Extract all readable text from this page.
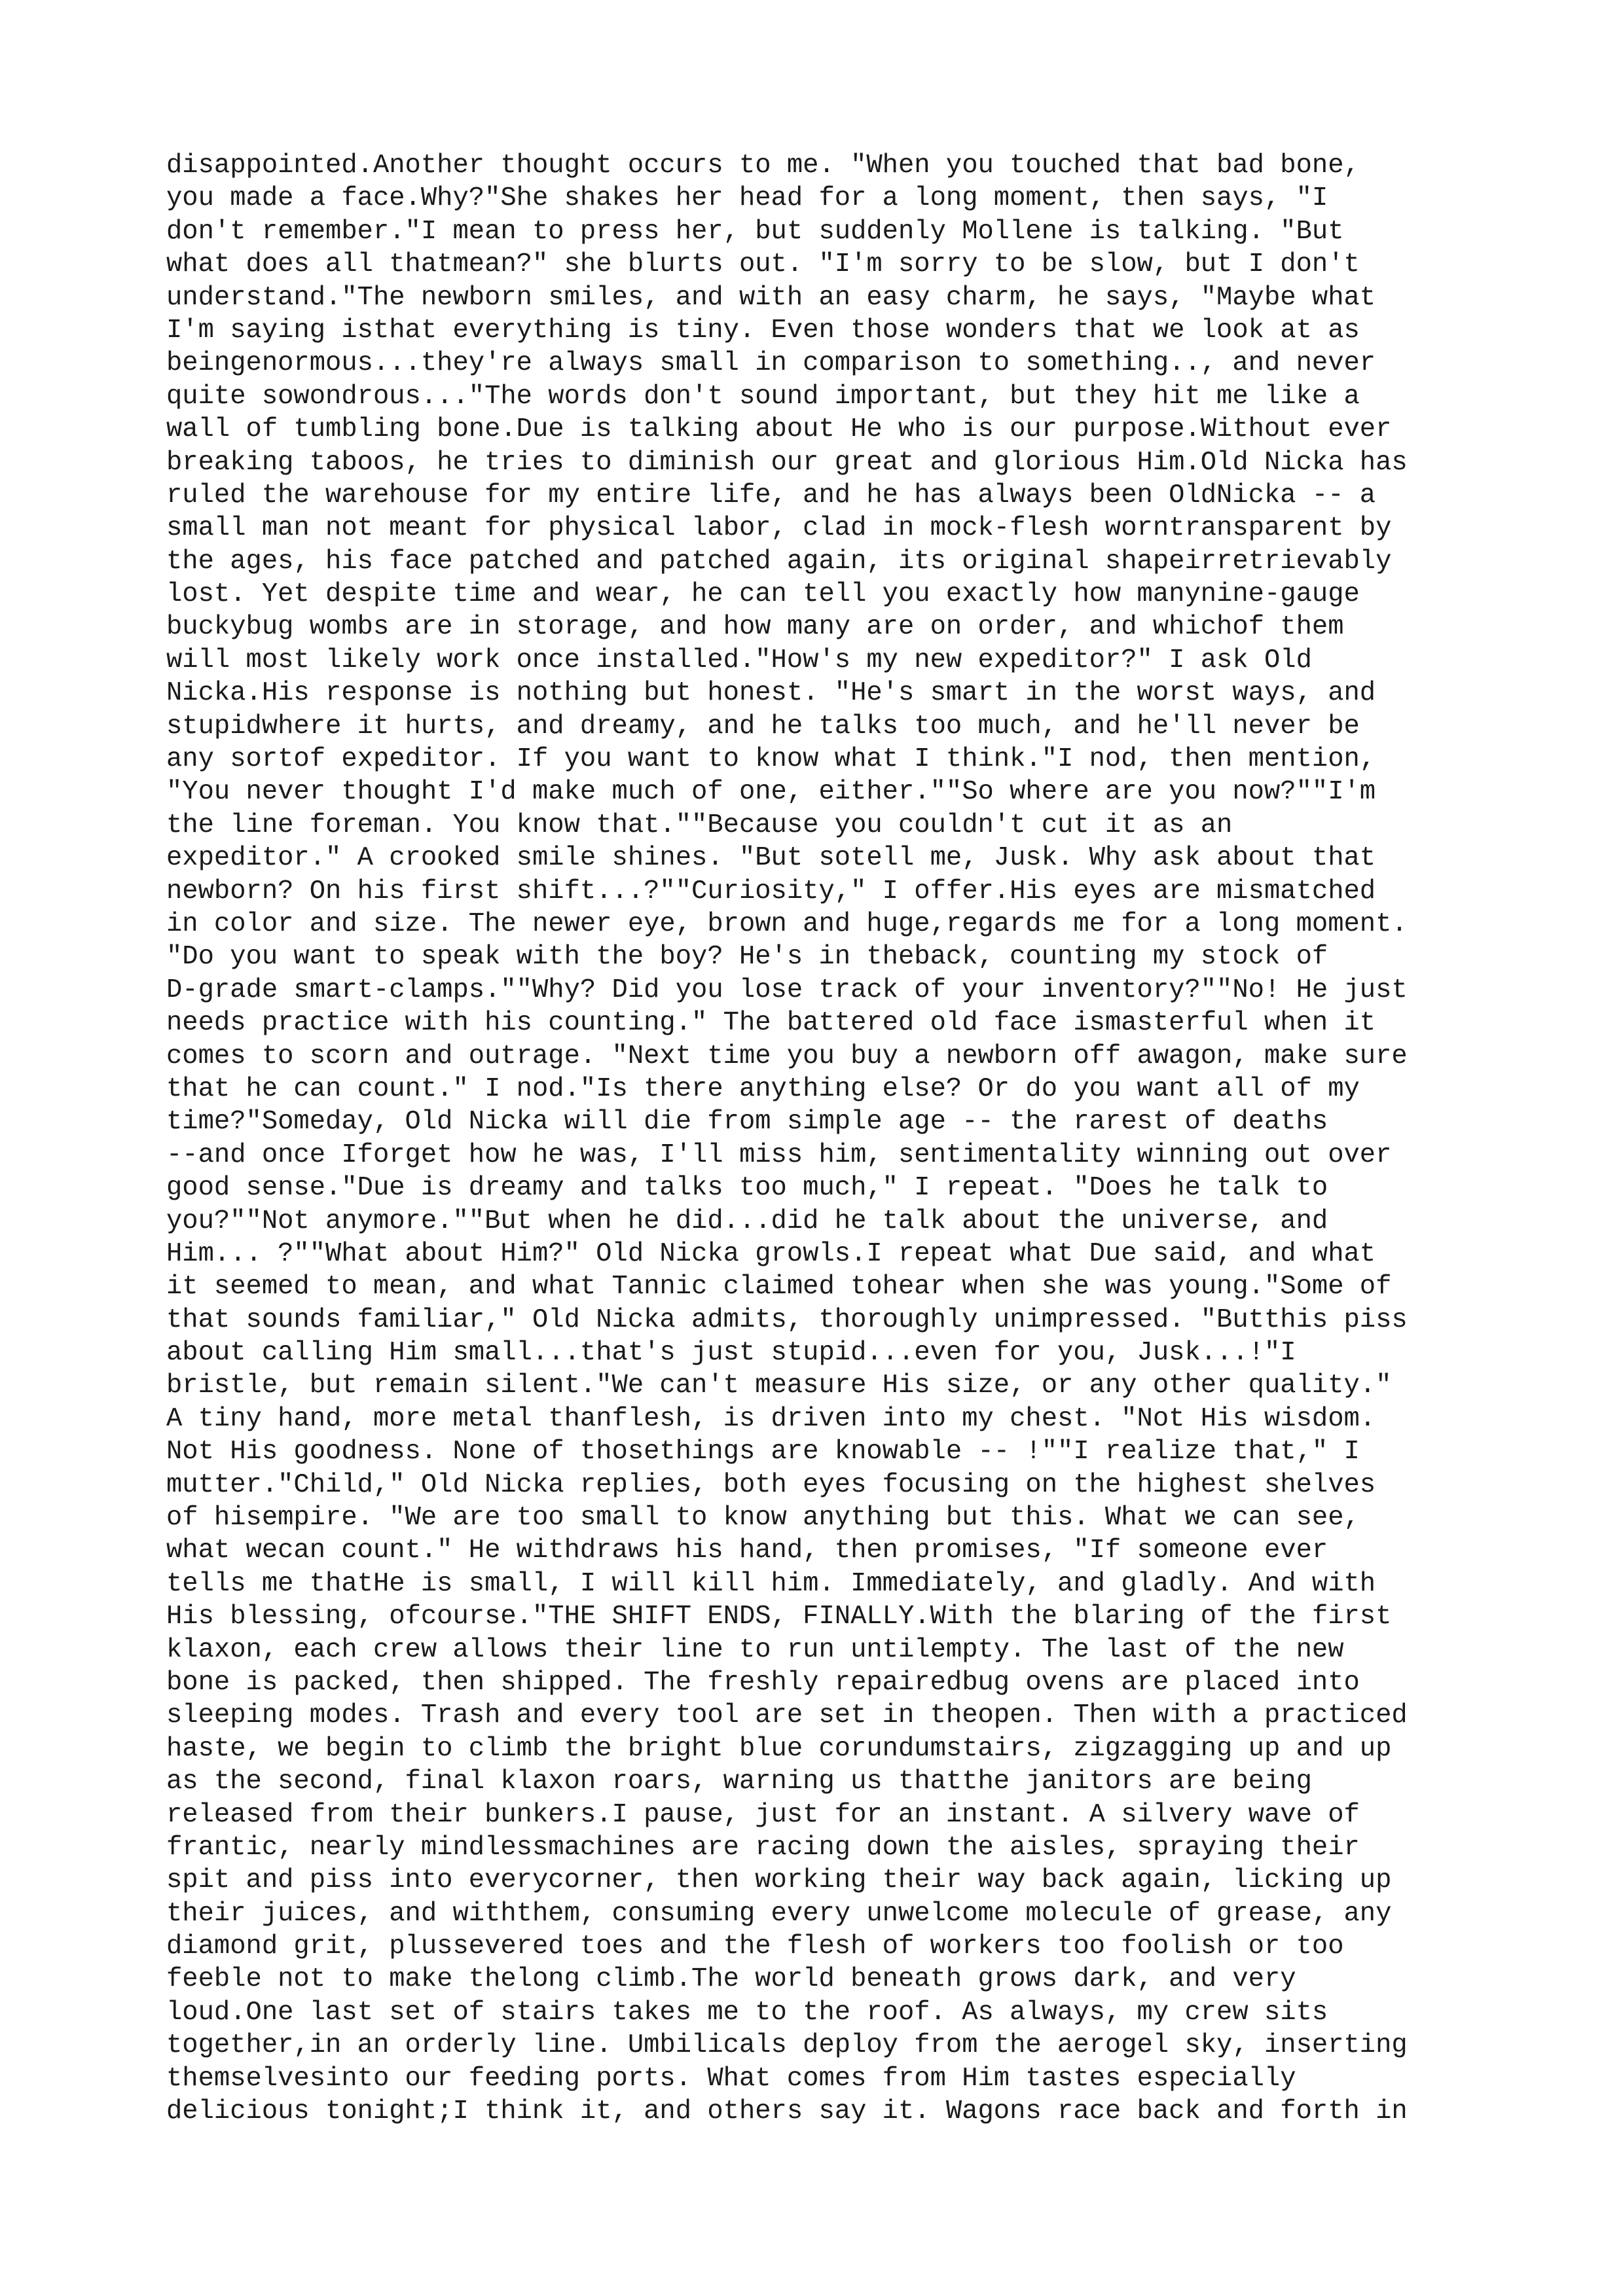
disappointed.Another thought occurs to me. "When you touched that bad bone,
you made a face.Why?"She shakes her head for a long moment, then says, "I
don't remember."I mean to press her, but suddenly Mollene is talking. "But
what does all thatmean?" she blurts out. "I'm sorry to be slow, but I don't
understand."The newborn smiles, and with an easy charm, he says, "Maybe what
I'm saying isthat everything is tiny. Even those wonders that we look at as
beingenormous...they're always small in comparison to something.., and never
quite sowondrous..."The words don't sound important, but they hit me like a
wall of tumbling bone.Due is talking about He who is our purpose.Without ever
breaking taboos, he tries to diminish our great and glorious Him.Old Nicka has
ruled the warehouse for my entire life, and he has always been OldNicka -- a
small man not meant for physical labor, clad in mock-flesh worntransparent by
the ages, his face patched and patched again, its original shapeirretrievably
lost. Yet despite time and wear, he can tell you exactly how manynine-gauge
buckybug wombs are in storage, and how many are on order, and whichof them
will most likely work once installed."How's my new expeditor?" I ask Old
Nicka.His response is nothing but honest. "He's smart in the worst ways, and
stupidwhere it hurts, and dreamy, and he talks too much, and he'll never be
any sortof expeditor. If you want to know what I think."I nod, then mention,
"You never thought I'd make much of one, either.""So where are you now?""I'm
the line foreman. You know that.""Because you couldn't cut it as an
expeditor." A crooked smile shines. "But sotell me, Jusk. Why ask about that
newborn? On his first shift...?""Curiosity," I offer.His eyes are mismatched
in color and size. The newer eye, brown and huge,regards me for a long moment.
"Do you want to speak with the boy? He's in theback, counting my stock of
D-grade smart-clamps.""Why? Did you lose track of your inventory?""No! He just
needs practice with his counting." The battered old face ismasterful when it
comes to scorn and outrage. "Next time you buy a newborn off awagon, make sure
that he can count." I nod."Is there anything else? Or do you want all of my
time?"Someday, Old Nicka will die from simple age -- the rarest of deaths
--and once Iforget how he was, I'll miss him, sentimentality winning out over
good sense."Due is dreamy and talks too much," I repeat. "Does he talk to
you?""Not anymore.""But when he did...did he talk about the universe, and
Him... ?""What about Him?" Old Nicka growls.I repeat what Due said, and what
it seemed to mean, and what Tannic claimed tohear when she was young."Some of
that sounds familiar," Old Nicka admits, thoroughly unimpressed. "Butthis piss
about calling Him small...that's just stupid...even for you, Jusk...!"I
bristle, but remain silent."We can't measure His size, or any other quality."
A tiny hand, more metal thanflesh, is driven into my chest. "Not His wisdom.
Not His goodness. None of thosethings are knowable -- !""I realize that," I
mutter."Child," Old Nicka replies, both eyes focusing on the highest shelves
of hisempire. "We are too small to know anything but this. What we can see,
what wecan count." He withdraws his hand, then promises, "If someone ever
tells me thatHe is small, I will kill him. Immediately, and gladly. And with
His blessing, ofcourse."THE SHIFT ENDS, FINALLY.With the blaring of the first
klaxon, each crew allows their line to run untilempty. The last of the new
bone is packed, then shipped. The freshly repairedbug ovens are placed into
sleeping modes. Trash and every tool are set in theopen. Then with a practiced
haste, we begin to climb the bright blue corundumstairs, zigzagging up and up
as the second, final klaxon roars, warning us thatthe janitors are being
released from their bunkers.I pause, just for an instant. A silvery wave of
frantic, nearly mindlessmachines are racing down the aisles, spraying their
spit and piss into everycorner, then working their way back again, licking up
their juices, and withthem, consuming every unwelcome molecule of grease, any
diamond grit, plussevered toes and the flesh of workers too foolish or too
feeble not to make thelong climb.The world beneath grows dark, and very
loud.One last set of stairs takes me to the roof. As always, my crew sits
together,in an orderly line. Umbilicals deploy from the aerogel sky, inserting
themselvesinto our feeding ports. What comes from Him tastes especially
delicious tonight;I think it, and others say it. Wagons race back and forth in
